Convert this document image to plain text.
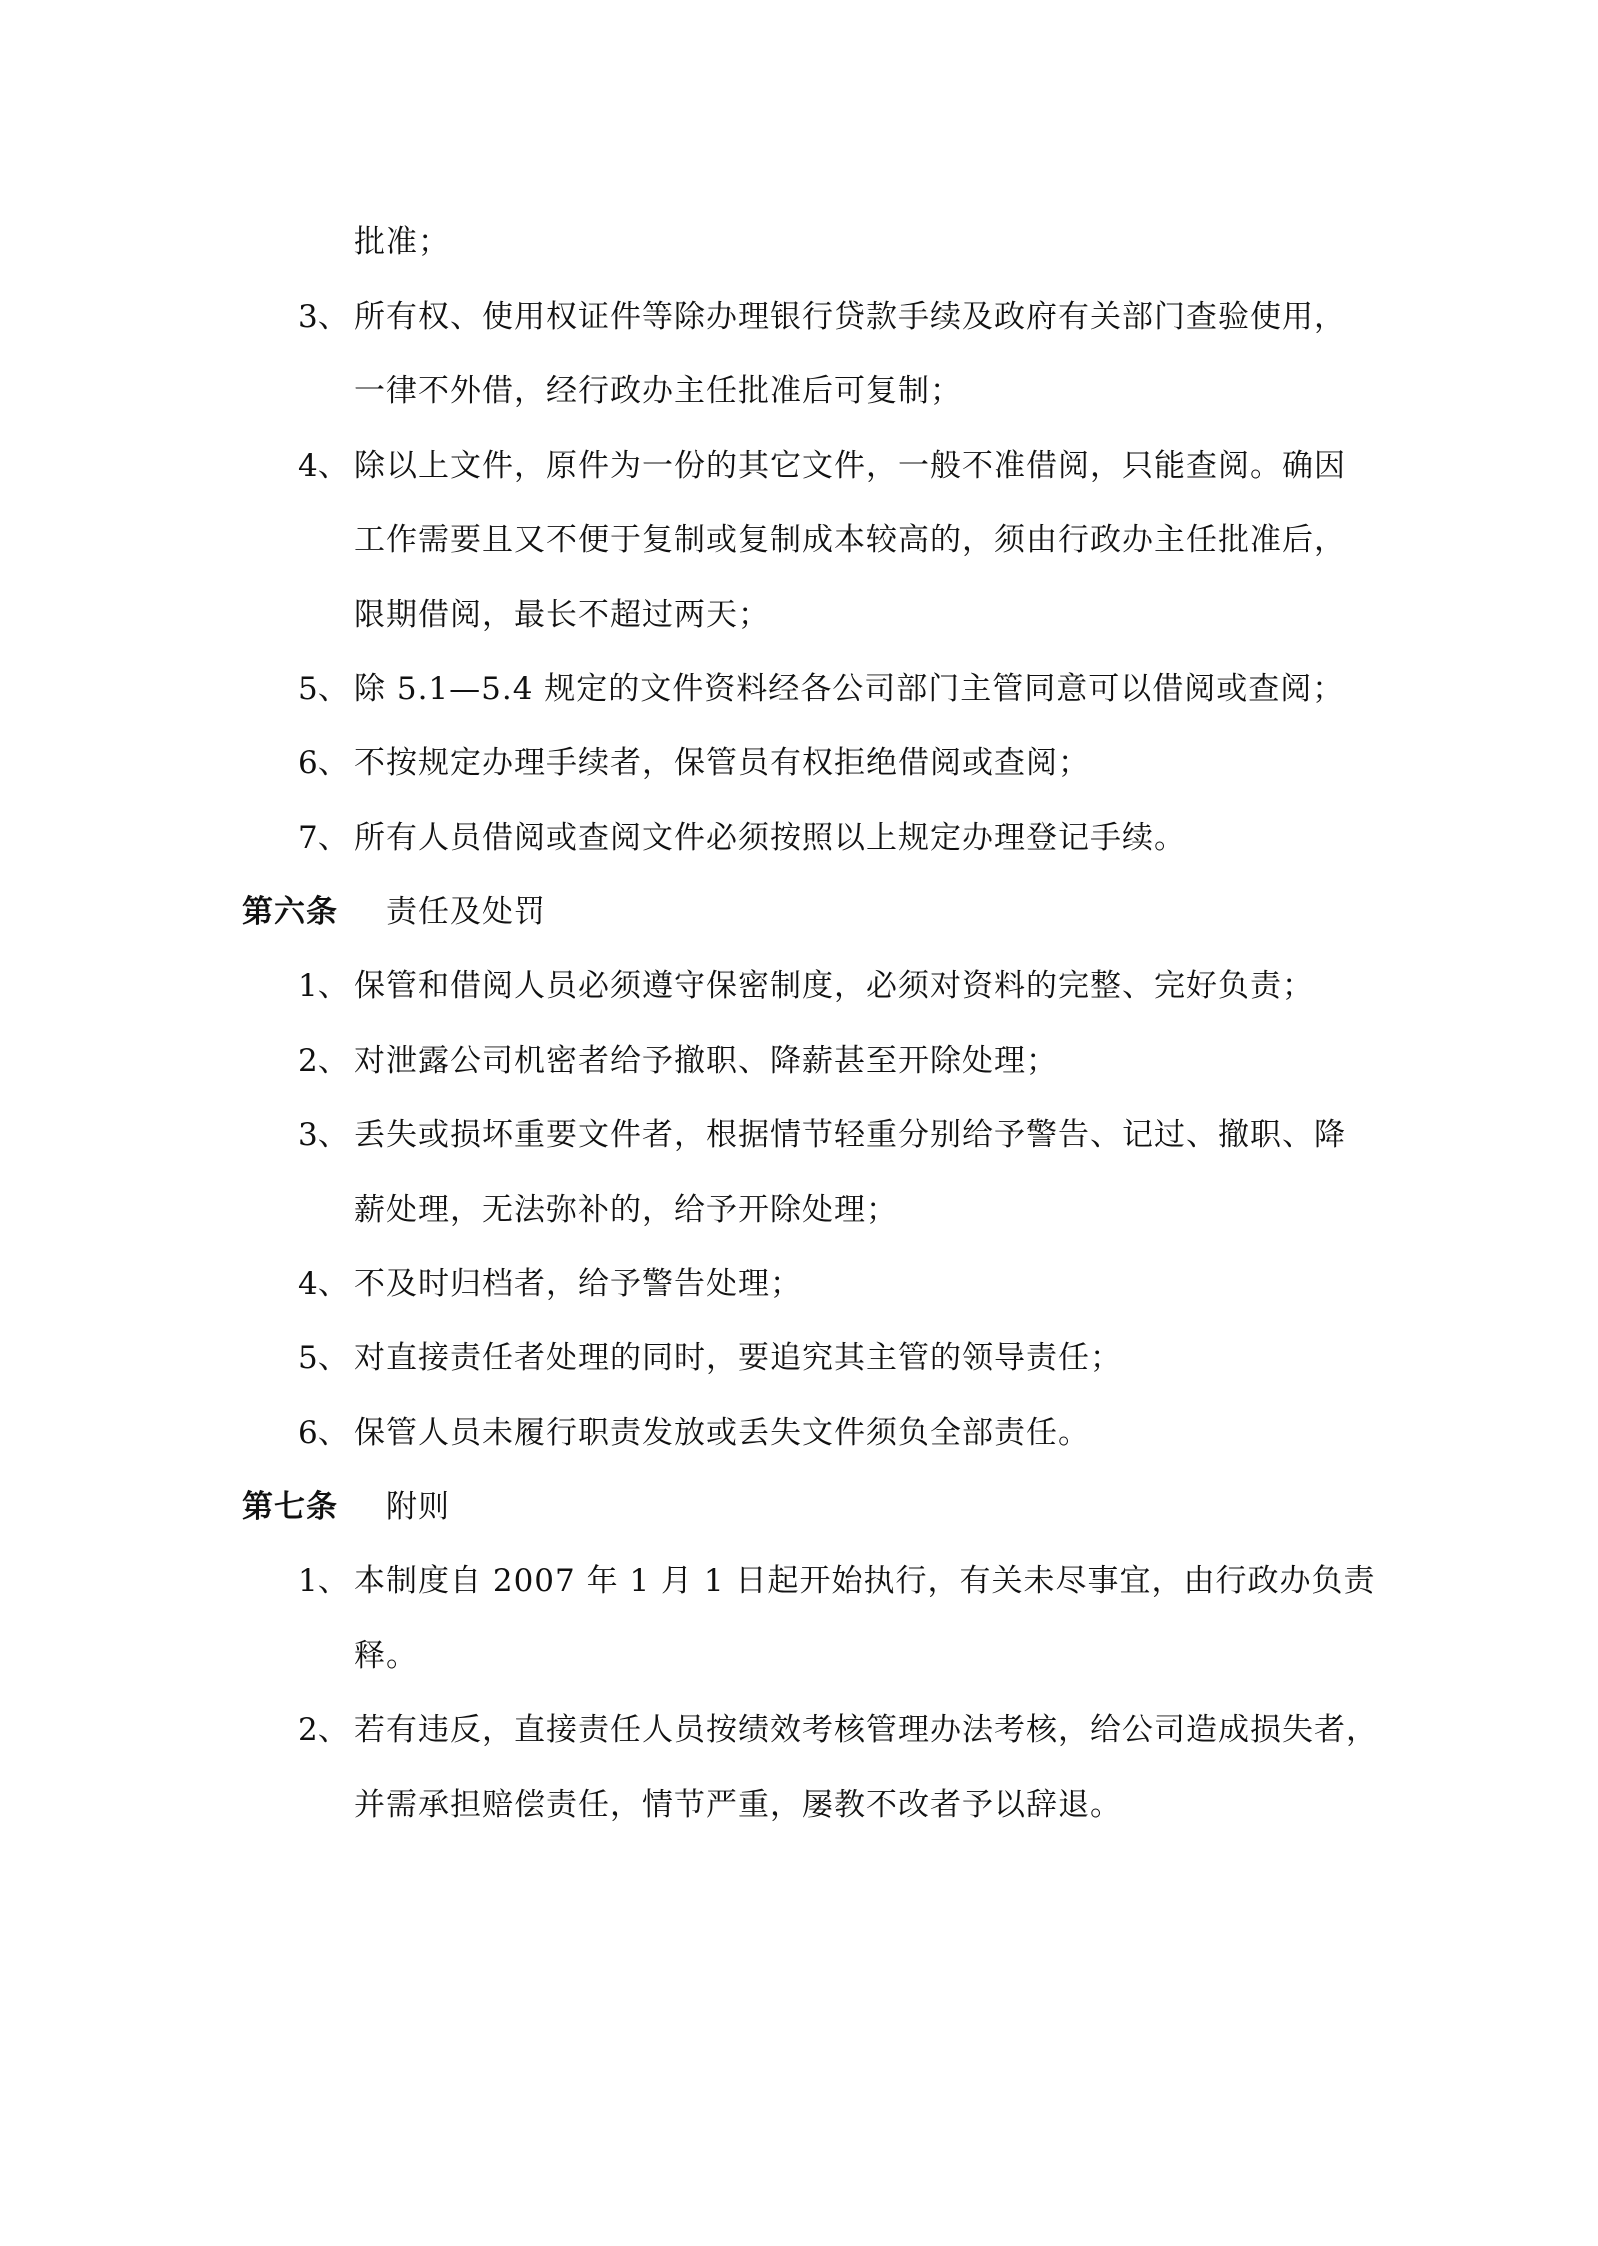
批准；
3、 所有权、使用权证件等除办理银行贷款手续及政府有关部门查验使用，
一律不外借，经行政办主任批准后可复制；
4、 除以上文件，原件为一份的其它文件，一般不准借阅，只能查阅。确因
工作需要且又不便于复制或复制成本较高的，须由行政办主任批准后，
限期借阅，最长不超过两天；
5、 除 5.1—5.4 规定的文件资料经各公司部门主管同意可以借阅或查阅；
6、 不按规定办理手续者，保管员有权拒绝借阅或查阅；
7、 所有人员借阅或查阅文件必须按照以上规定办理登记手续。
第六条 责任及处罚
1、 保管和借阅人员必须遵守保密制度，必须对资料的完整、完好负责；
2、 对泄露公司机密者给予撤职、降薪甚至开除处理；
3、 丢失或损坏重要文件者，根据情节轻重分别给予警告、记过、撤职、降
薪处理，无法弥补的，给予开除处理；
4、 不及时归档者，给予警告处理；
5、 对直接责任者处理的同时，要追究其主管的领导责任；
6、 保管人员未履行职责发放或丢失文件须负全部责任。
第七条 附则
1、 本制度自 2007 年 1 月 1 日起开始执行，有关未尽事宜，由行政办负责
释。
2、 若有违反，直接责任人员按绩效考核管理办法考核，给公司造成损失者，
并需承担赔偿责任，情节严重，屡教不改者予以辞退。
